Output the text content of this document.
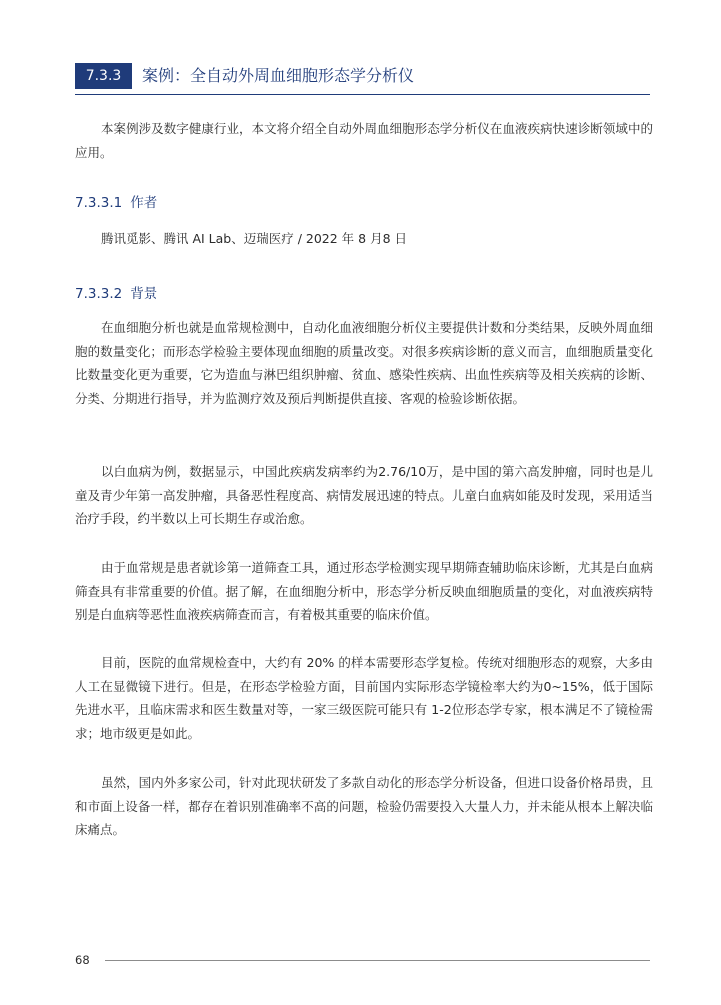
7.3.3	案例：全自动外周血细胞形态学分析仪

本案例涉及数字健康行业，本文将介绍全自动外周血细胞形态学分析仪在血液疾病快速诊断领域中的应用。

7.3.3.1 作者
腾讯觅影、腾讯 AI Lab、迈瑞医疗 / 2022 年 8 月8 日
7.3.3.2 背景

在血细胞分析也就是血常规检测中，自动化血液细胞分析仪主要提供计数和分类结果，反映外周血细胞的数量变化；而形态学检验主要体现血细胞的质量改变。对很多疾病诊断的意义而言，血细胞质量变化比数量变化更为重要，它为造血与淋巴组织肿瘤、贫血、感染性疾病、出血性疾病等及相关疾病的诊断、分类、分期进行指导，并为监测疗效及预后判断提供直接、客观的检验诊断依据。

以白血病为例，数据显示，中国此疾病发病率约为2.76/10万，是中国的第六高发肿瘤，同时也是儿童及青少年第一高发肿瘤，具备恶性程度高、病情发展迅速的特点。儿童白血病如能及时发现，采用适当治疗手段，约半数以上可长期生存或治愈。

由于血常规是患者就诊第一道筛查工具，通过形态学检测实现早期筛查辅助临床诊断，尤其是白血病筛查具有非常重要的价值。据了解，在血细胞分析中，形态学分析反映血细胞质量的变化，对血液疾病特别是白血病等恶性血液疾病筛查而言，有着极其重要的临床价值。

目前，医院的血常规检查中，大约有 20% 的样本需要形态学复检。传统对细胞形态的观察，大多由人工在显微镜下进行。但是，在形态学检验方面，目前国内实际形态学镜检率大约为0~15%，低于国际先进水平，且临床需求和医生数量对等，一家三级医院可能只有 1-2位形态学专家，根本满足不了镜检需求；地市级更是如此。

虽然，国内外多家公司，针对此现状研发了多款自动化的形态学分析设备，但进口设备价格昂贵，且和市面上设备一样，都存在着识别准确率不高的问题，检验仍需要投入大量人力，并未能从根本上解决临床痛点。

68
